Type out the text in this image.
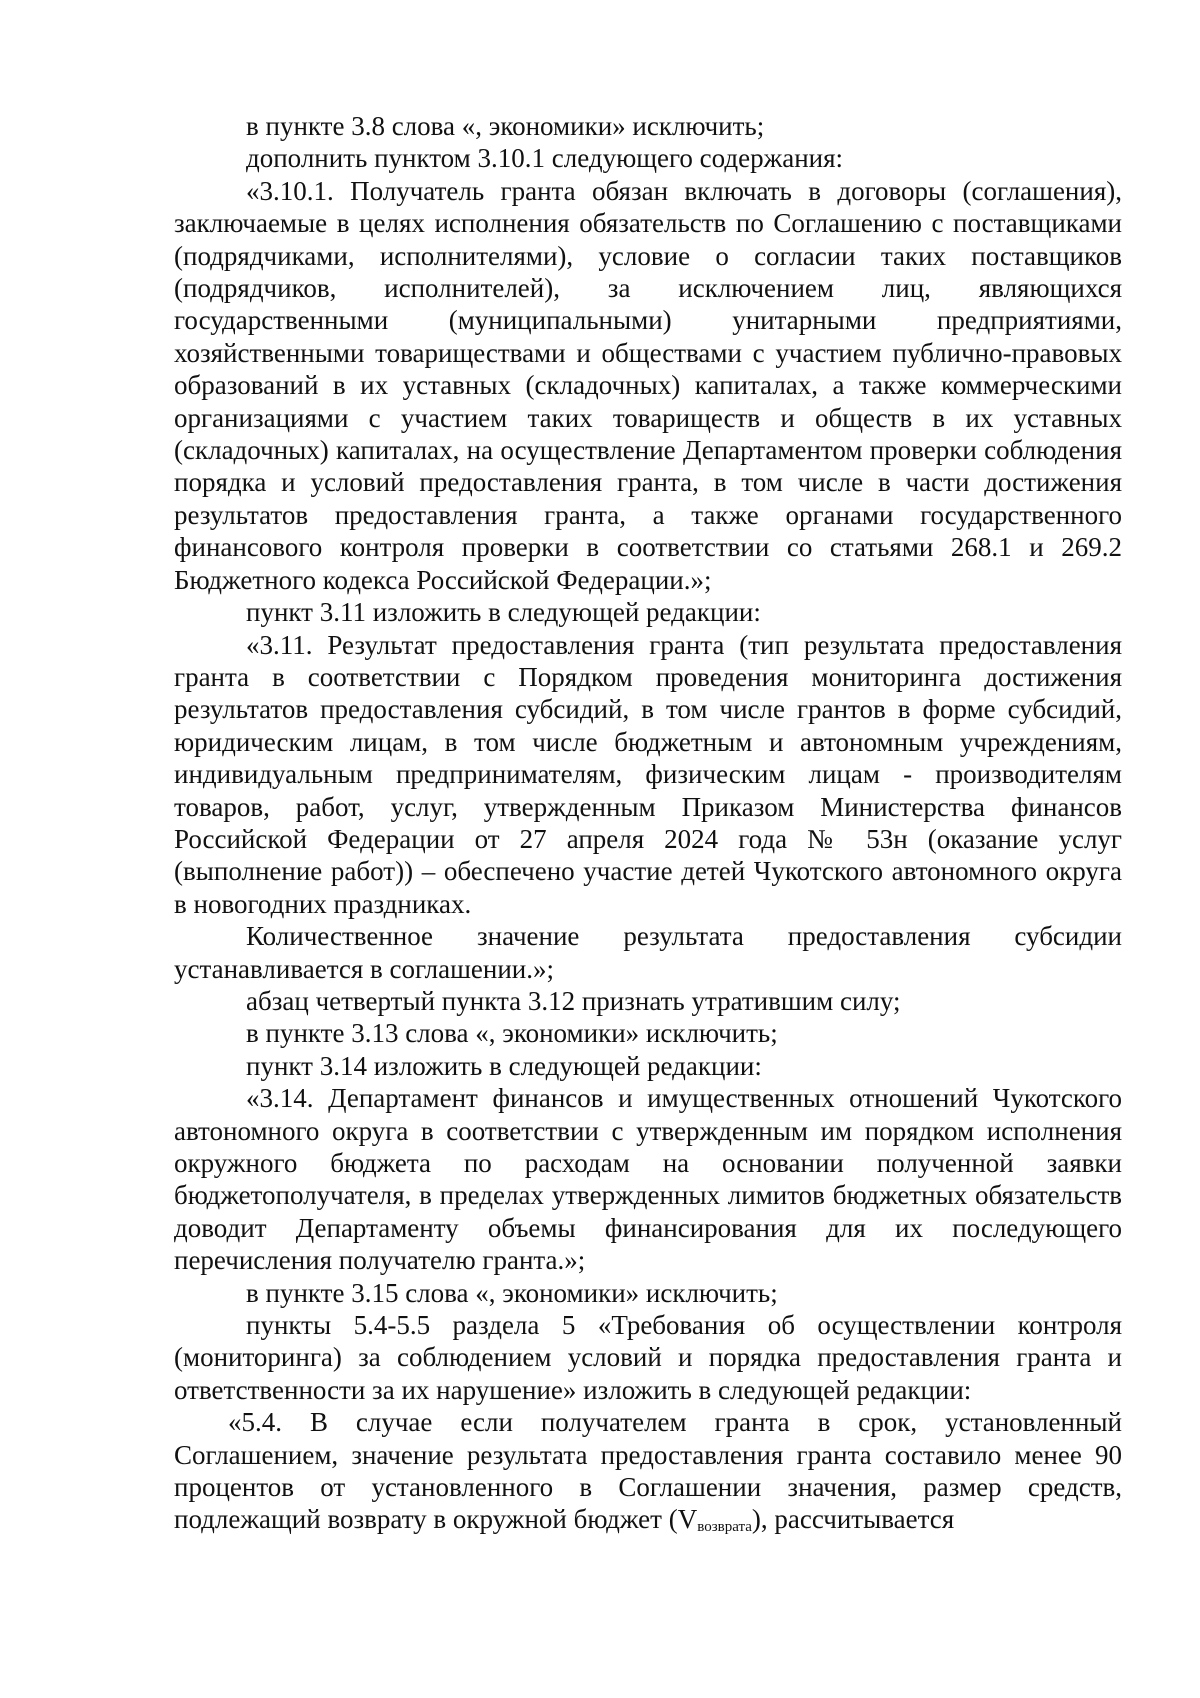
в пункте 3.8 слова «, экономики» исключить;

дополнить пунктом 3.10.1 следующего содержания:

«3.10.1. Получатель гранта обязан включать в договоры (соглашения), заключаемые в целях исполнения обязательств по Соглашению с поставщиками (подрядчиками, исполнителями), условие о согласии таких поставщиков (подрядчиков, исполнителей), за исключением лиц, являющихся государственными (муниципальными) унитарными предприятиями, хозяйственными товариществами и обществами с участием публично-правовых образований в их уставных (складочных) капиталах, а также коммерческими организациями с участием таких товариществ и обществ в их уставных (складочных) капиталах, на осуществление Департаментом проверки соблюдения порядка и условий предоставления гранта, в том числе в части достижения результатов предоставления гранта, а также органами государственного финансового контроля проверки в соответствии со статьями 268.1 и 269.2 Бюджетного кодекса Российской Федерации.»;

пункт 3.11 изложить в следующей редакции:

«3.11. Результат предоставления гранта (тип результата предоставления гранта в соответствии с Порядком проведения мониторинга достижения результатов предоставления субсидий, в том числе грантов в форме субсидий, юридическим лицам, в том числе бюджетным и автономным учреждениям, индивидуальным предпринимателям, физическим лицам - производителям товаров, работ, услуг, утвержденным Приказом Министерства финансов Российской Федерации от 27 апреля 2024 года № 53н (оказание услуг (выполнение работ)) – обеспечено участие детей Чукотского автономного округа в новогодних праздниках.

Количественное значение результата предоставления субсидии устанавливается в соглашении.»;

абзац четвертый пункта 3.12 признать утратившим силу;

в пункте 3.13 слова «, экономики» исключить;

пункт 3.14 изложить в следующей редакции:

«3.14. Департамент финансов и имущественных отношений Чукотского автономного округа в соответствии с утвержденным им порядком исполнения окружного бюджета по расходам на основании полученной заявки бюджетополучателя, в пределах утвержденных лимитов бюджетных обязательств доводит Департаменту объемы финансирования для их последующего перечисления получателю гранта.»;

в пункте 3.15 слова «, экономики» исключить;

пункты 5.4-5.5 раздела 5 «Требования об осуществлении контроля (мониторинга) за соблюдением условий и порядка предоставления гранта и ответственности за их нарушение» изложить в следующей редакции:

«5.4. В случае если получателем гранта в срок, установленный Соглашением, значение результата предоставления гранта составило менее 90 процентов от установленного в Соглашении значения, размер средств, подлежащий возврату в окружной бюджет $(V_{возврата})$, рассчитывается
